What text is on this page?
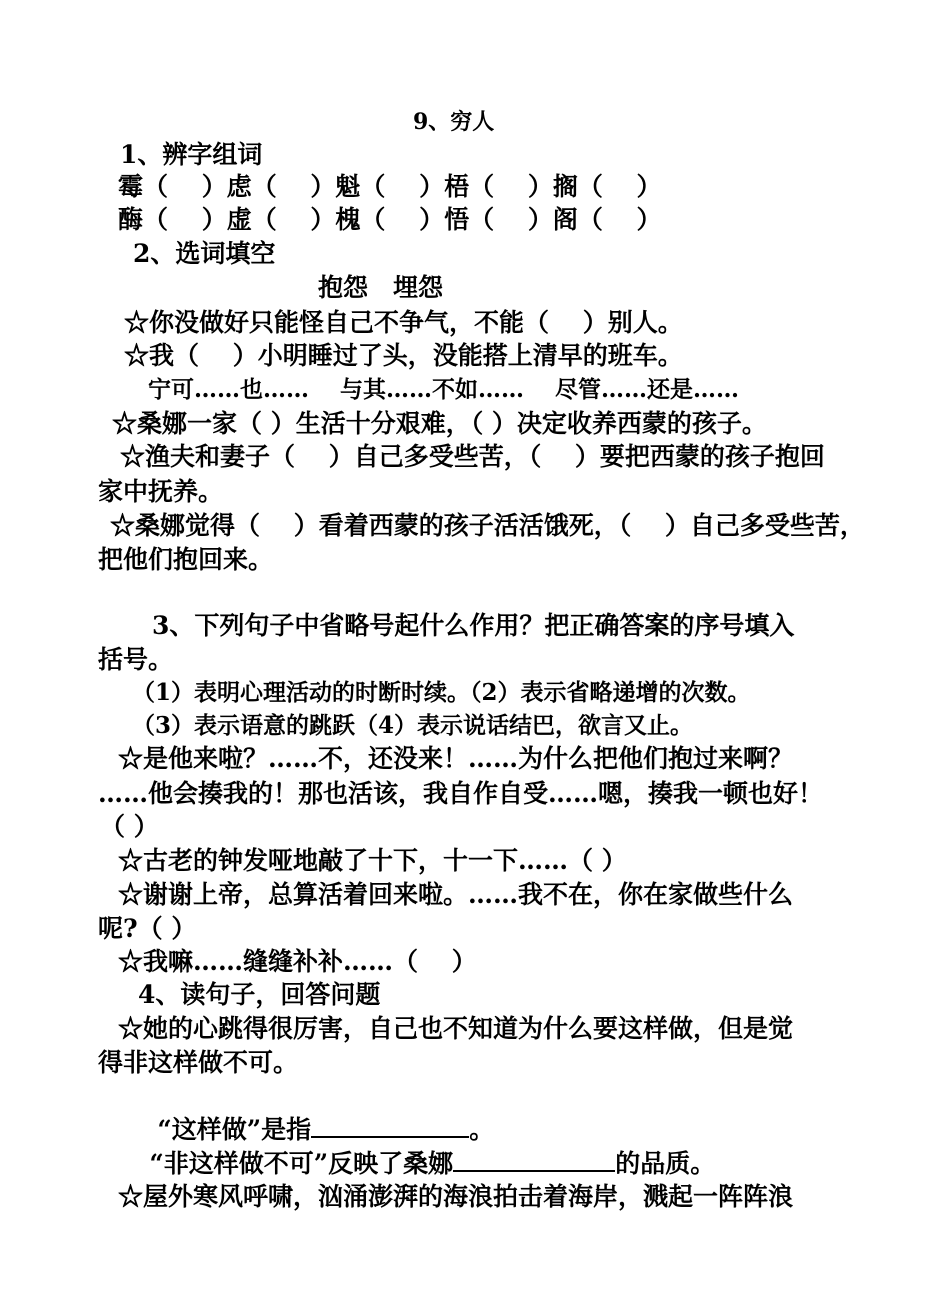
9、穷人
1、辨字组词
霉（　 ）虑（　 ）魁（　 ）梧（　 ）搁（　 ）
酶（　 ）虚（　 ）槐（　 ）悟（　 ）阁（　 ）
2、选词填空
抱怨　埋怨
☆你没做好只能怪自己不争气，不能（　 ）别人。
☆我（　 ）小明睡过了头，没能搭上清早的班车。
宁可……也……　 与其……不如……　 尽管……还是……
☆桑娜一家（ ）生活十分艰难，（ ）决定收养西蒙的孩子。
☆渔夫和妻子（　 ）自己多受些苦，（　 ）要把西蒙的孩子抱回
家中抚养。
☆桑娜觉得（　 ）看着西蒙的孩子活活饿死，（　 ）自己多受些苦，
把他们抱回来。
3、下列句子中省略号起什么作用？把正确答案的序号填入
括号。
（1）表明心理活动的时断时续。（2）表示省略递增的次数。
（3）表示语意的跳跃（4）表示说话结巴，欲言又止。
☆是他来啦？……不，还没来！……为什么把他们抱过来啊？
……他会揍我的！那也活该，我自作自受……嗯，揍我一顿也好！
（ ）
☆古老的钟发哑地敲了十下，十一下……（ ）
☆谢谢上帝，总算活着回来啦。……我不在，你在家做些什么
呢?（ ）
☆我嘛……缝缝补补……（　 ）
4、读句子，回答问题
☆她的心跳得很厉害，自己也不知道为什么要这样做，但是觉
得非这样做不可。

“这样做”是指	。

“非这样做不可”反映了桑娜	的品质。

☆屋外寒风呼啸，汹涌澎湃的海浪拍击着海岸，溅起一阵阵浪
